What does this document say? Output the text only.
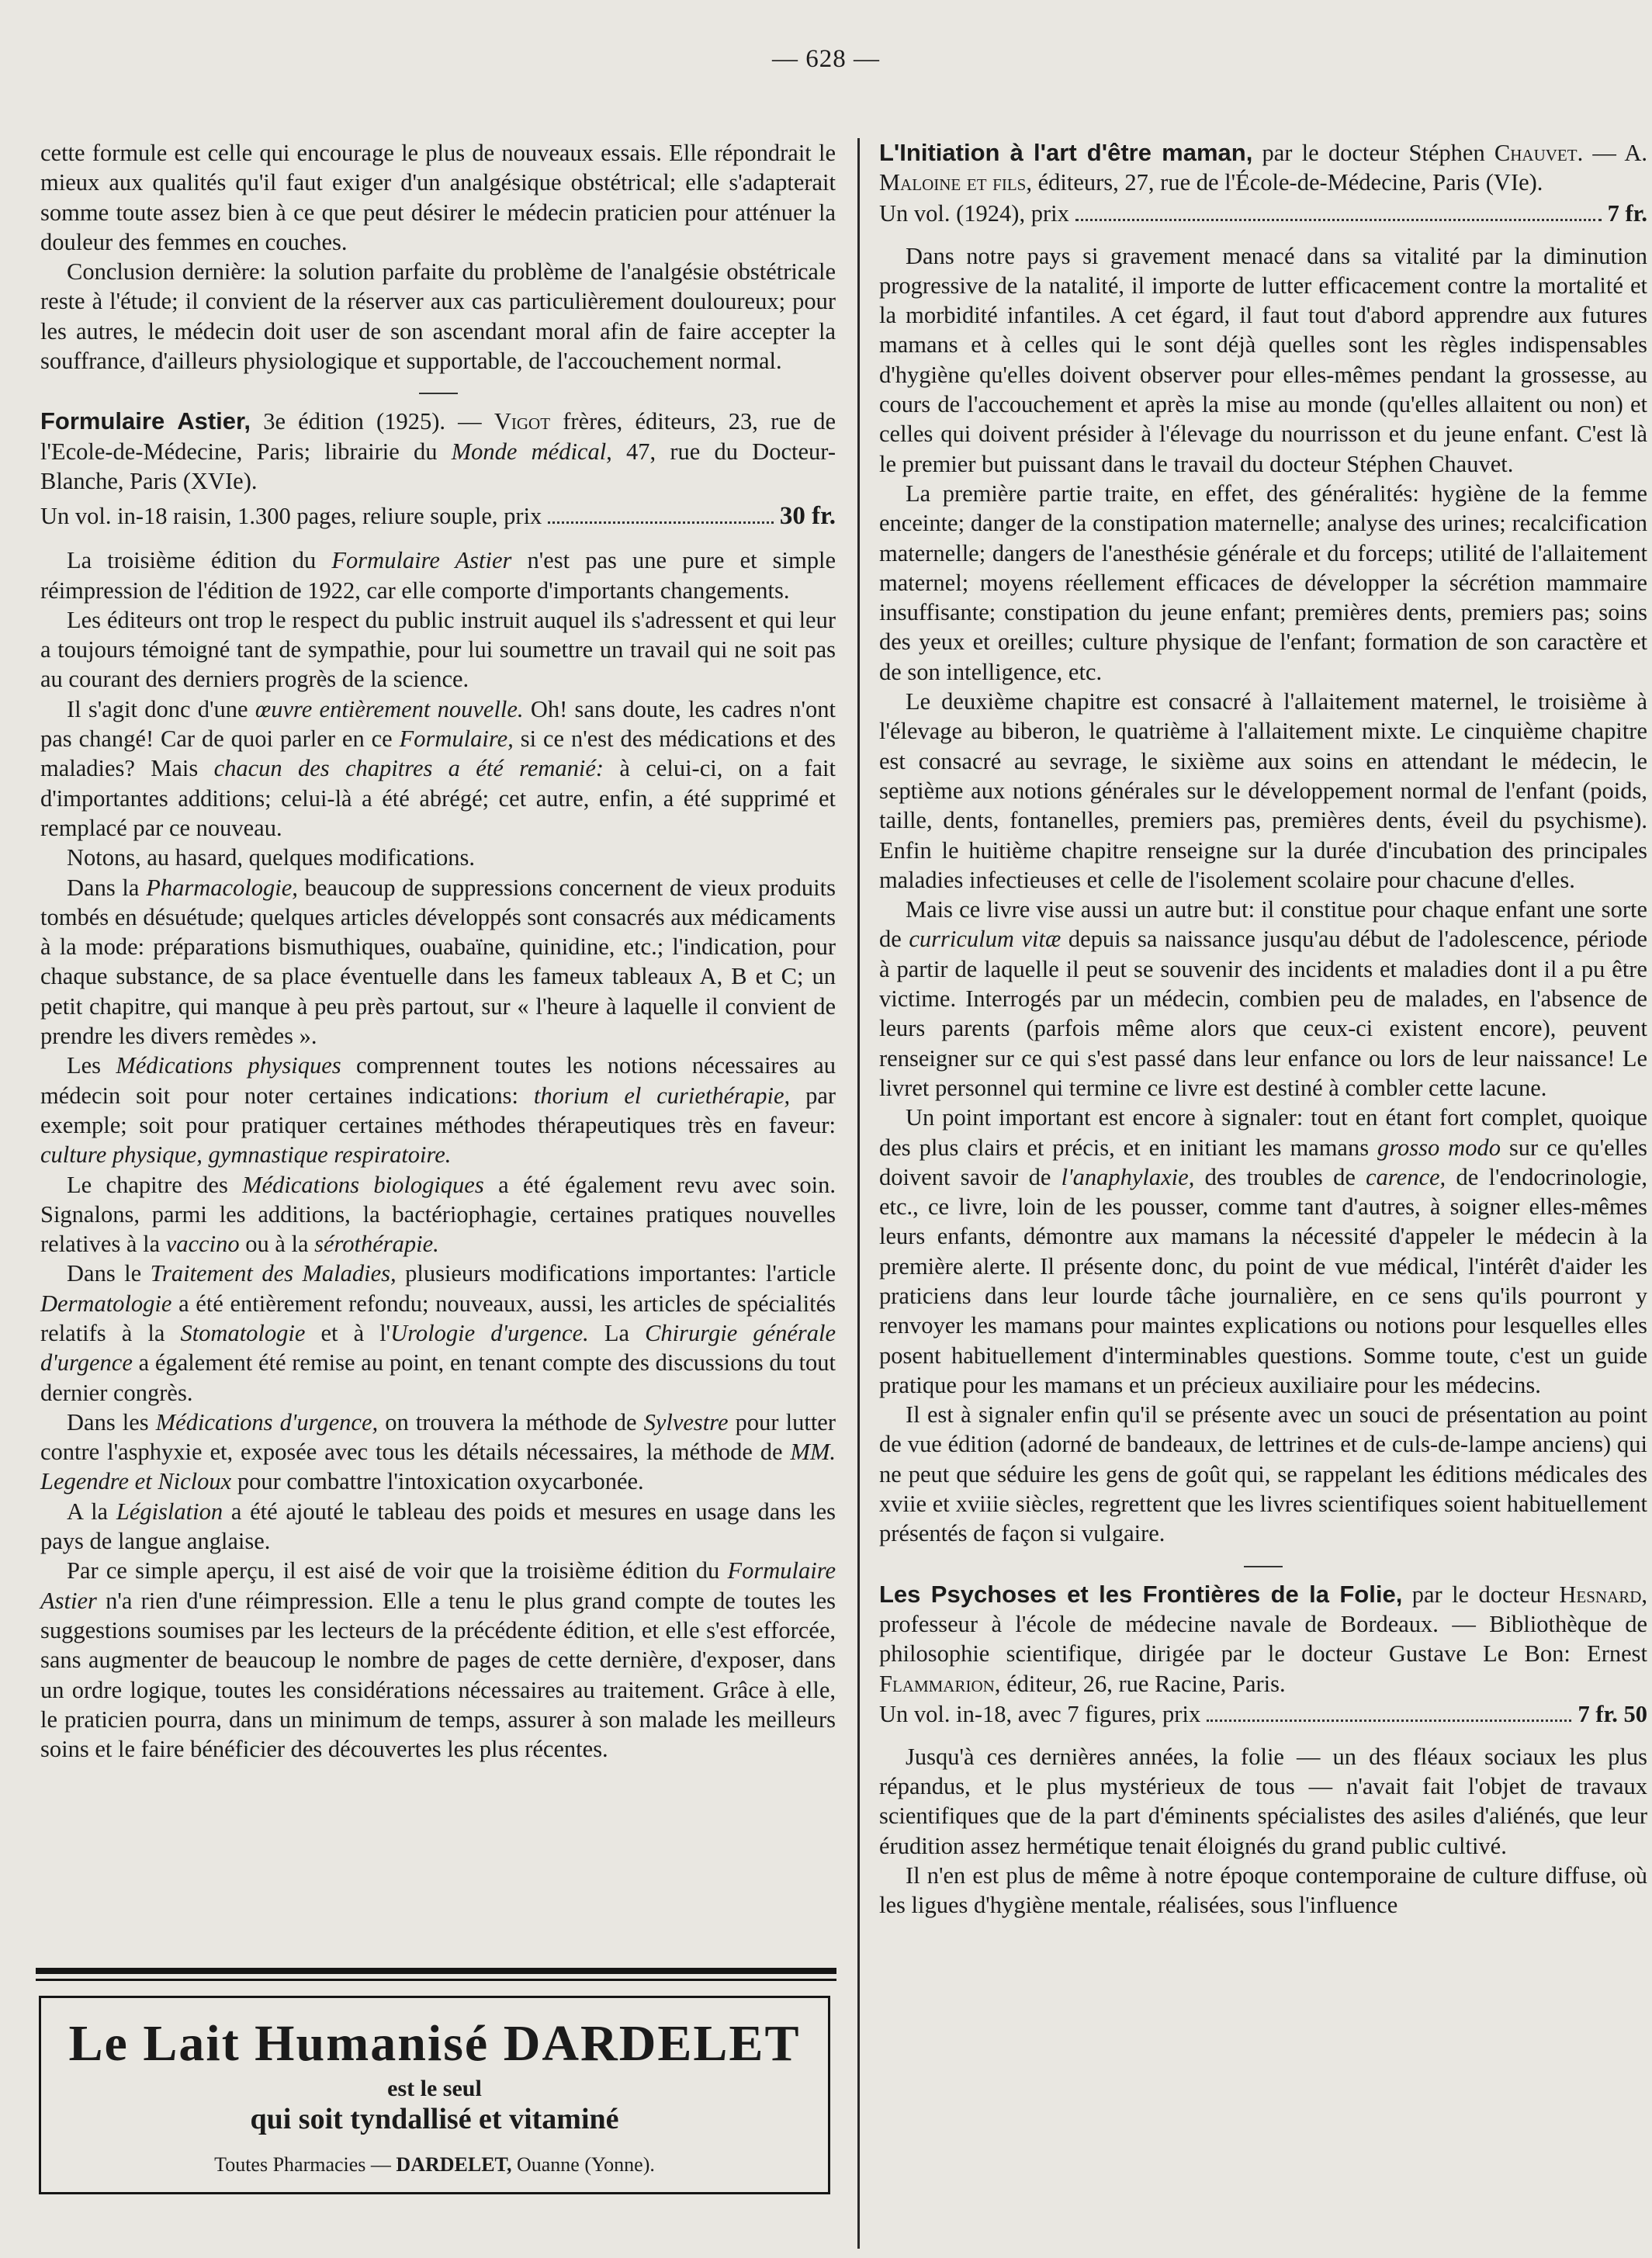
— 628 —

cette formule est celle qui encourage le plus de nouveaux essais. Elle répondrait le mieux aux qualités qu'il faut exiger d'un analgésique obstétrical; elle s'adapterait somme toute assez bien à ce que peut désirer le médecin praticien pour atténuer la douleur des femmes en couches.

Conclusion dernière: la solution parfaite du problème de l'analgésie obstétricale reste à l'étude; il convient de la réserver aux cas particulièrement douloureux; pour les autres, le médecin doit user de son ascendant moral afin de faire accepter la souffrance, d'ailleurs physiologique et supportable, de l'accouchement normal.

Formulaire Astier, 3e édition (1925). — Vigot frères, éditeurs, 23, rue de l'Ecole-de-Médecine, Paris; librairie du Monde médical, 47, rue du Docteur-Blanche, Paris (XVIe).

Un vol. in-18 raisin, 1.300 pages, reliure souple, prix	30 fr.

La troisième édition du Formulaire Astier n'est pas une pure et simple réimpression de l'édition de 1922, car elle comporte d'importants changements.

Les éditeurs ont trop le respect du public instruit auquel ils s'adressent et qui leur a toujours témoigné tant de sympathie, pour lui soumettre un travail qui ne soit pas au courant des derniers progrès de la science.

Il s'agit donc d'une œuvre entièrement nouvelle. Oh! sans doute, les cadres n'ont pas changé! Car de quoi parler en ce Formulaire, si ce n'est des médications et des maladies? Mais chacun des chapitres a été remanié: à celui-ci, on a fait d'importantes additions; celui-là a été abrégé; cet autre, enfin, a été supprimé et remplacé par ce nouveau.

Notons, au hasard, quelques modifications.

Dans la Pharmacologie, beaucoup de suppressions concernent de vieux produits tombés en désuétude; quelques articles développés sont consacrés aux médicaments à la mode: préparations bismuthiques, ouabaïne, quinidine, etc.; l'indication, pour chaque substance, de sa place éventuelle dans les fameux tableaux A, B et C; un petit chapitre, qui manque à peu près partout, sur « l'heure à laquelle il convient de prendre les divers remèdes ».

Les Médications physiques comprennent toutes les notions nécessaires au médecin soit pour noter certaines indications: thorium el curiethérapie, par exemple; soit pour pratiquer certaines méthodes thérapeutiques très en faveur: culture physique, gymnastique respiratoire.

Le chapitre des Médications biologiques a été également revu avec soin. Signalons, parmi les additions, la bactériophagie, certaines pratiques nouvelles relatives à la vaccino ou à la sérothérapie.

Dans le Traitement des Maladies, plusieurs modifications importantes: l'article Dermatologie a été entièrement refondu; nouveaux, aussi, les articles de spécialités relatifs à la Stomatologie et à l'Urologie d'urgence. La Chirurgie générale d'urgence a également été remise au point, en tenant compte des discussions du tout dernier congrès.

Dans les Médications d'urgence, on trouvera la méthode de Sylvestre pour lutter contre l'asphyxie et, exposée avec tous les détails nécessaires, la méthode de MM. Legendre et Nicloux pour combattre l'intoxication oxycarbonée.

A la Législation a été ajouté le tableau des poids et mesures en usage dans les pays de langue anglaise.

Par ce simple aperçu, il est aisé de voir que la troisième édition du Formulaire Astier n'a rien d'une réimpression. Elle a tenu le plus grand compte de toutes les suggestions soumises par les lecteurs de la précédente édition, et elle s'est efforcée, sans augmenter de beaucoup le nombre de pages de cette dernière, d'exposer, dans un ordre logique, toutes les considérations nécessaires au traitement. Grâce à elle, le praticien pourra, dans un minimum de temps, assurer à son malade les meilleurs soins et le faire bénéficier des découvertes les plus récentes.

Le Lait Humanisé DARDELET
est le seul
qui soit tyndallisé et vitaminé
Toutes Pharmacies — DARDELET, Ouanne (Yonne).

L'Initiation à l'art d'être maman, par le docteur Stéphen Chauvet. — A. Maloine et fils, éditeurs, 27, rue de l'École-de-Médecine, Paris (VIe).

Un vol. (1924), prix	7 fr.

Dans notre pays si gravement menacé dans sa vitalité par la diminution progressive de la natalité, il importe de lutter efficacement contre la mortalité et la morbidité infantiles. A cet égard, il faut tout d'abord apprendre aux futures mamans et à celles qui le sont déjà quelles sont les règles indispensables d'hygiène qu'elles doivent observer pour elles-mêmes pendant la grossesse, au cours de l'accouchement et après la mise au monde (qu'elles allaitent ou non) et celles qui doivent présider à l'élevage du nourrisson et du jeune enfant. C'est là le premier but puissant dans le travail du docteur Stéphen Chauvet.

La première partie traite, en effet, des généralités: hygiène de la femme enceinte; danger de la constipation maternelle; analyse des urines; recalcification maternelle; dangers de l'anesthésie générale et du forceps; utilité de l'allaitement maternel; moyens réellement efficaces de développer la sécrétion mammaire insuffisante; constipation du jeune enfant; premières dents, premiers pas; soins des yeux et oreilles; culture physique de l'enfant; formation de son caractère et de son intelligence, etc.

Le deuxième chapitre est consacré à l'allaitement maternel, le troisième à l'élevage au biberon, le quatrième à l'allaitement mixte. Le cinquième chapitre est consacré au sevrage, le sixième aux soins en attendant le médecin, le septième aux notions générales sur le développement normal de l'enfant (poids, taille, dents, fontanelles, premiers pas, premières dents, éveil du psychisme). Enfin le huitième chapitre renseigne sur la durée d'incubation des principales maladies infectieuses et celle de l'isolement scolaire pour chacune d'elles.

Mais ce livre vise aussi un autre but: il constitue pour chaque enfant une sorte de curriculum vitæ depuis sa naissance jusqu'au début de l'adolescence, période à partir de laquelle il peut se souvenir des incidents et maladies dont il a pu être victime. Interrogés par un médecin, combien peu de malades, en l'absence de leurs parents (parfois même alors que ceux-ci existent encore), peuvent renseigner sur ce qui s'est passé dans leur enfance ou lors de leur naissance! Le livret personnel qui termine ce livre est destiné à combler cette lacune.

Un point important est encore à signaler: tout en étant fort complet, quoique des plus clairs et précis, et en initiant les mamans grosso modo sur ce qu'elles doivent savoir de l'anaphylaxie, des troubles de carence, de l'endocrinologie, etc., ce livre, loin de les pousser, comme tant d'autres, à soigner elles-mêmes leurs enfants, démontre aux mamans la nécessité d'appeler le médecin à la première alerte. Il présente donc, du point de vue médical, l'intérêt d'aider les praticiens dans leur lourde tâche journalière, en ce sens qu'ils pourront y renvoyer les mamans pour maintes explications ou notions pour lesquelles elles posent habituellement d'interminables questions. Somme toute, c'est un guide pratique pour les mamans et un précieux auxiliaire pour les médecins.

Il est à signaler enfin qu'il se présente avec un souci de présentation au point de vue édition (adorné de bandeaux, de lettrines et de culs-de-lampe anciens) qui ne peut que séduire les gens de goût qui, se rappelant les éditions médicales des xviie et xviiie siècles, regrettent que les livres scientifiques soient habituellement présentés de façon si vulgaire.

Les Psychoses et les Frontières de la Folie, par le docteur Hesnard, professeur à l'école de médecine navale de Bordeaux. — Bibliothèque de philosophie scientifique, dirigée par le docteur Gustave Le Bon: Ernest Flammarion, éditeur, 26, rue Racine, Paris.

Un vol. in-18, avec 7 figures, prix	7 fr. 50

Jusqu'à ces dernières années, la folie — un des fléaux sociaux les plus répandus, et le plus mystérieux de tous — n'avait fait l'objet de travaux scientifiques que de la part d'éminents spécialistes des asiles d'aliénés, que leur érudition assez hermétique tenait éloignés du grand public cultivé.

Il n'en est plus de même à notre époque contemporaine de culture diffuse, où les ligues d'hygiène mentale, réalisées, sous l'influence
